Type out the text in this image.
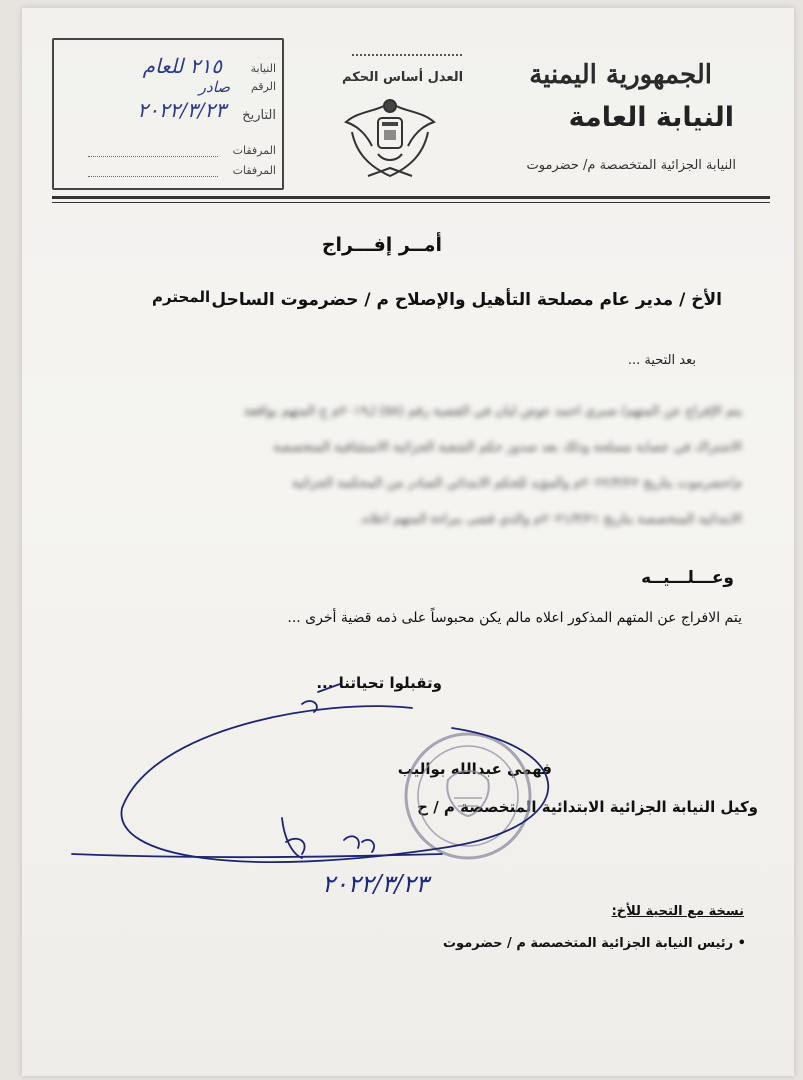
الجمهورية اليمنية
النيابة العامة
النيابة الجزائية المتخصصة م/ حضرموت
العدل أساس الحكم
النيابة
٢١٥ للعام
الرقم
صادر
التاريخ
٢٠٢٢/٣/٢٣
المرفقات
المرفقات
أمــر إفـــراج
الأخ / مدير عام مصلحة التأهيل والإصلاح م / حضرموت الساحل
المحترم
بعد التحية ...
يتم الإفراج عن المتهم/ صبري احمد عوض لبان في القضية رقم (٥٨) لـ٢٠١٩م ج المتهم بواقعة
الاشتراك في عصابة مسلحة وذلك بعد صدور حكم الشعبة الجزائية الاستئنافية المتخصصة
م/حضرموت بتاريخ ٢٠٢٢/٣/٢٢م والمؤيد للحكم الابتدائي الصادر من المحكمة الجزائية
الابتدائية المتخصصة بتاريخ ٢٠٢١/٣/٢١م والذي قضى ببراءة المتهم اعلاه.
وعـــلـــيــه
يتم الافراج عن المتهم المذكور اعلاه مالم يكن محبوساً على ذمه قضية أخرى ...
وتقبلوا تحياتنا ...
فهمي عبدالله بواليب
وكيل النيابة الجزائية الابتدائية المتخصصة م / ح
٢٠٢٢/٣/٢٣
نسخة مع التحية للأخ:
• رئيس النيابة الجزائية المتخصصة م / حضرموت
